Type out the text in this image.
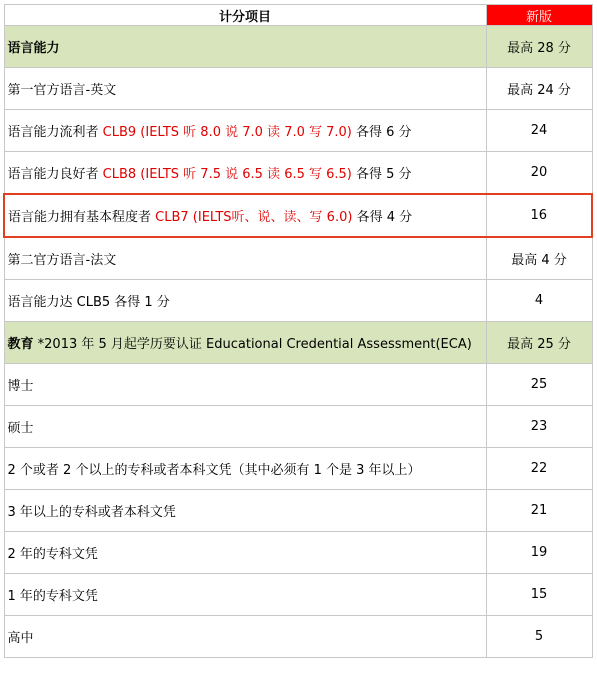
计分项目	新版
语言能力	最高 28 分
第一官方语言-英文	最高 24 分
语言能力流利者 CLB9 (IELTS 听 8.0 说 7.0 读 7.0 写 7.0) 各得 6 分	24
语言能力良好者 CLB8 (IELTS 听 7.5 说 6.5 读 6.5 写 6.5) 各得 5 分	20
语言能力拥有基本程度者 CLB7 (IELTS听、说、读、写 6.0) 各得 4 分	16
第二官方语言-法文	最高 4 分
语言能力达 CLB5 各得 1 分	4
教育 *2013 年 5 月起学历要认证 Educational Credential Assessment(ECA)	最高 25 分
博士	25
硕士	23
2 个或者 2 个以上的专科或者本科文凭（其中必须有 1 个是 3 年以上）	22
3 年以上的专科或者本科文凭	21
2 年的专科文凭	19
1 年的专科文凭	15
高中	5
